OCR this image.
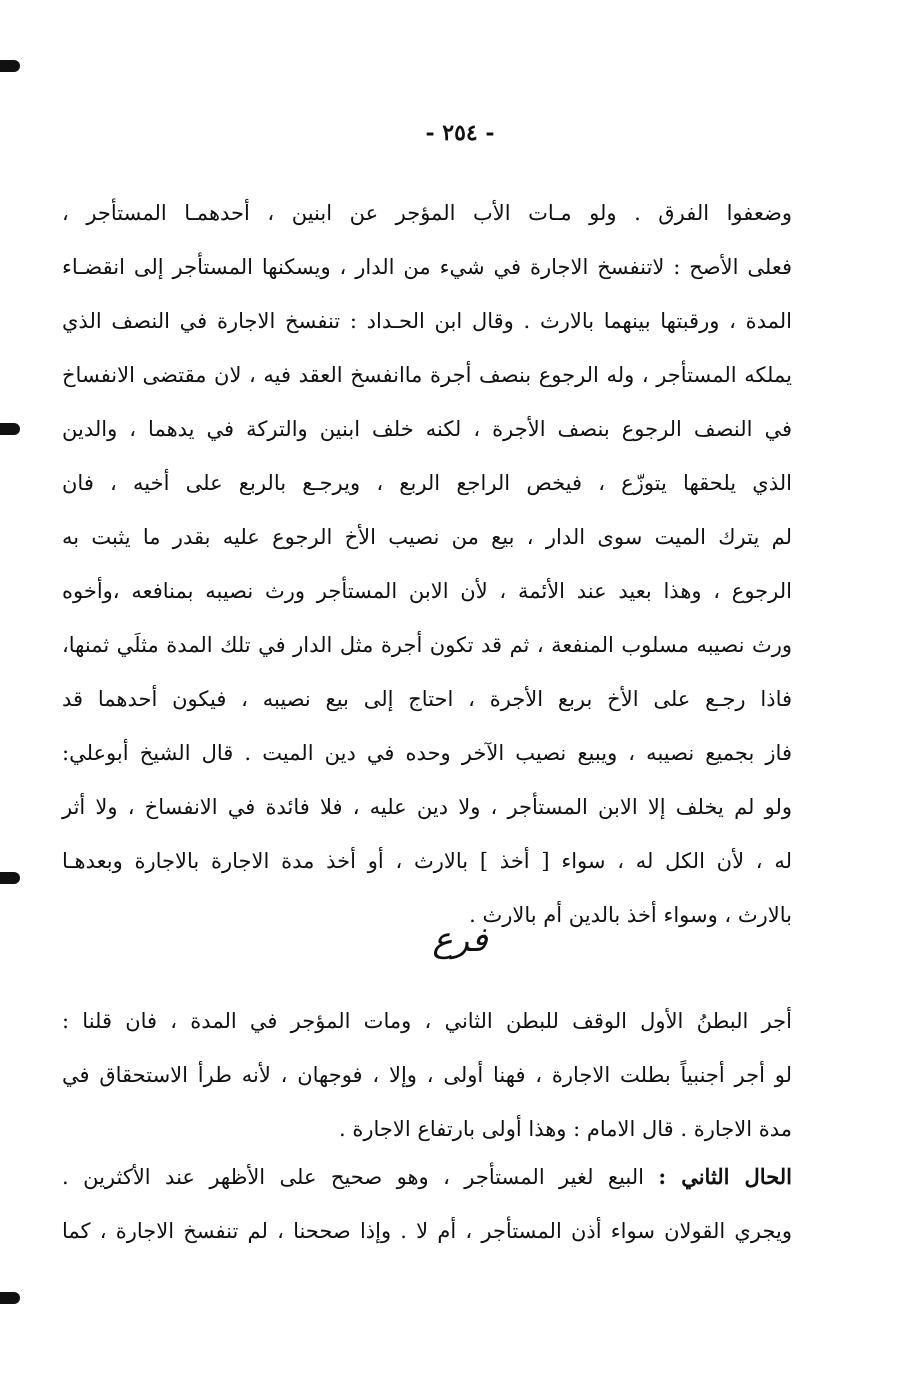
- ٢٥٤ -
وضعفوا الفرق . ولو مـات الأب المؤجر عن ابنين ، أحدهمـا المستأجر ،
فعلى الأصح : لاتنفسخ الاجارة في شيء من الدار ، ويسكنها المستأجر إلى انقضـاء
المدة ، ورقبتها بينهما بالارث . وقال ابن الحـداد : تنفسخ الاجارة في النصف الذي
يملكه المستأجر ، وله الرجوع بنصف أجرة ماانفسخ العقد فيه ، لان مقتضى الانفساخ
في النصف الرجوع بنصف الأجرة ، لكنه خلف ابنين والتركة في يدهما ، والدين
الذي يلحقها يتوزّع ، فيخص الراجع الربع ، ويرجـع بالربع على أخيه ، فان
لم يترك الميت سوى الدار ، بيع من نصيب الأخ الرجوع عليه بقدر ما يثبت به
الرجوع ، وهذا بعيد عند الأئمة ، لأن الابن المستأجر ورث نصيبه بمنافعه ،وأخوه
ورث نصيبه مسلوب المنفعة ، ثم قد تكون أجرة مثل الدار في تلك المدة مثلَي ثمنها،
فاذا رجـع على الأخ بربع الأجرة ، احتاج إلى بيع نصيبه ، فيكون أحدهما قد
فاز بجميع نصيبه ، ويبيع نصيب الآخر وحده في دين الميت . قال الشيخ أبوعلي:
ولو لم يخلف إلا الابن المستأجر ، ولا دين عليه ، فلا فائدة في الانفساخ ، ولا أثر
له ، لأن الكل له ، سواء [ أخذ ] بالارث ، أو أخذ مدة الاجارة بالاجارة وبعدهـا
بالارث ، وسواء أخذ بالدين أم بالارث .
فرع
أجر البطنُ الأول الوقف للبطن الثاني ، ومات المؤجر في المدة ، فان قلنا :
لو أجر أجنبياً بطلت الاجارة ، فهنا أولى ، وإلا ، فوجهان ، لأنه طرأ الاستحقاق في
مدة الاجارة . قال الامام : وهذا أولى بارتفاع الاجارة .
الحال الثاني : البيع لغير المستأجر ، وهو صحيح على الأظهر عند الأكثرين .
ويجري القولان سواء أذن المستأجر ، أم لا . وإذا صححنا ، لم تنفسخ الاجارة ، كما
